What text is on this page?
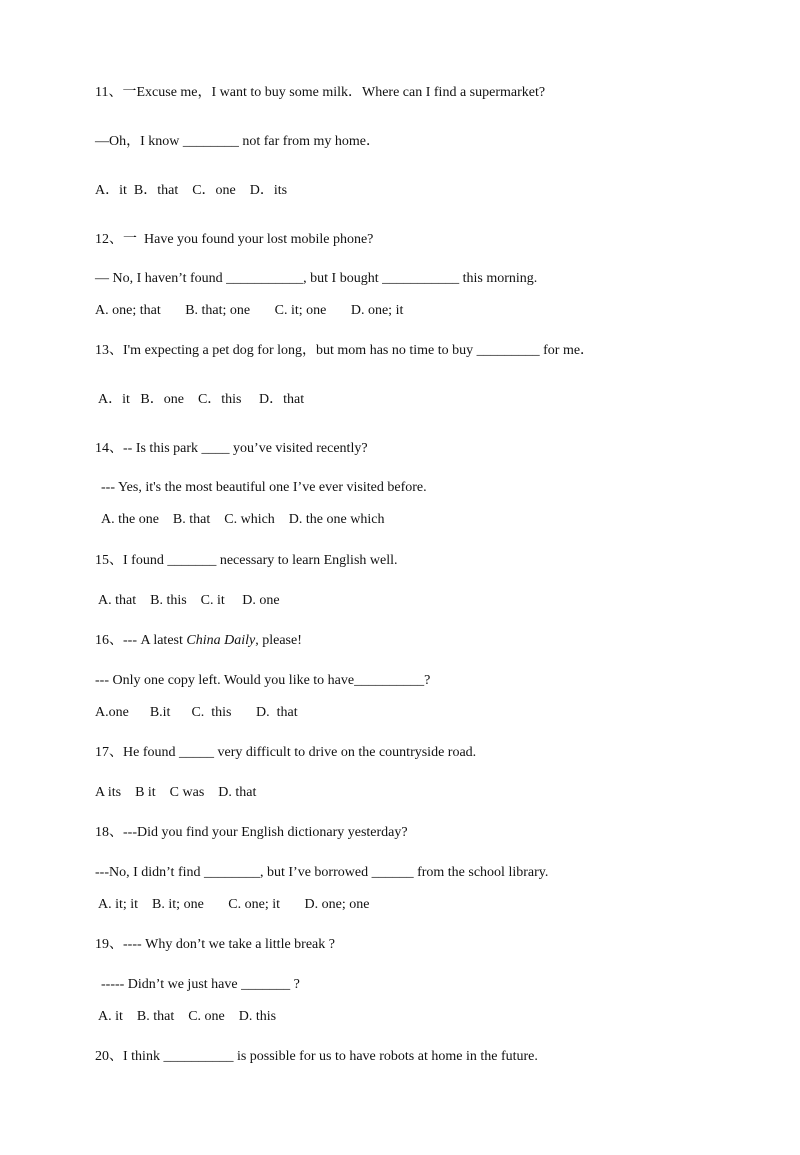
11、一Excuse me，I want to buy some milk．Where can I find a supermarket?
—Oh，I know ________ not far from my home．
A．it  B．that    C．one    D．its
12、一  Have you found your lost mobile phone?
— No, I haven’t found ___________, but I bought ___________ this morning.
A. one; that       B. that; one       C. it; one       D. one; it
13、I'm expecting a pet dog for long，but mom has no time to buy _________ for me．
A．it   B．one    C．this     D．that
14、-- Is this park ____ you’ve visited recently?
--- Yes, it's the most beautiful one I’ve ever visited before.
A. the one    B. that    C. which    D. the one which
15、I found _______ necessary to learn English well.
A. that    B. this    C. it     D. one
16、--- A latest China Daily, please!
--- Only one copy left. Would you like to have__________?
A.one      B.it      C.  this       D.  that
17、He found _____ very difficult to drive on the countryside road.
A its    B it    C was    D. that
18、---Did you find your English dictionary yesterday?
---No, I didn’t find ________, but I’ve borrowed ______ from the school library.
A. it; it    B. it; one       C. one; it       D. one; one
19、---- Why don’t we take a little break ?
----- Didn’t we just have _______ ?
A. it    B. that    C. one    D. this
20、I think __________ is possible for us to have robots at home in the future.
